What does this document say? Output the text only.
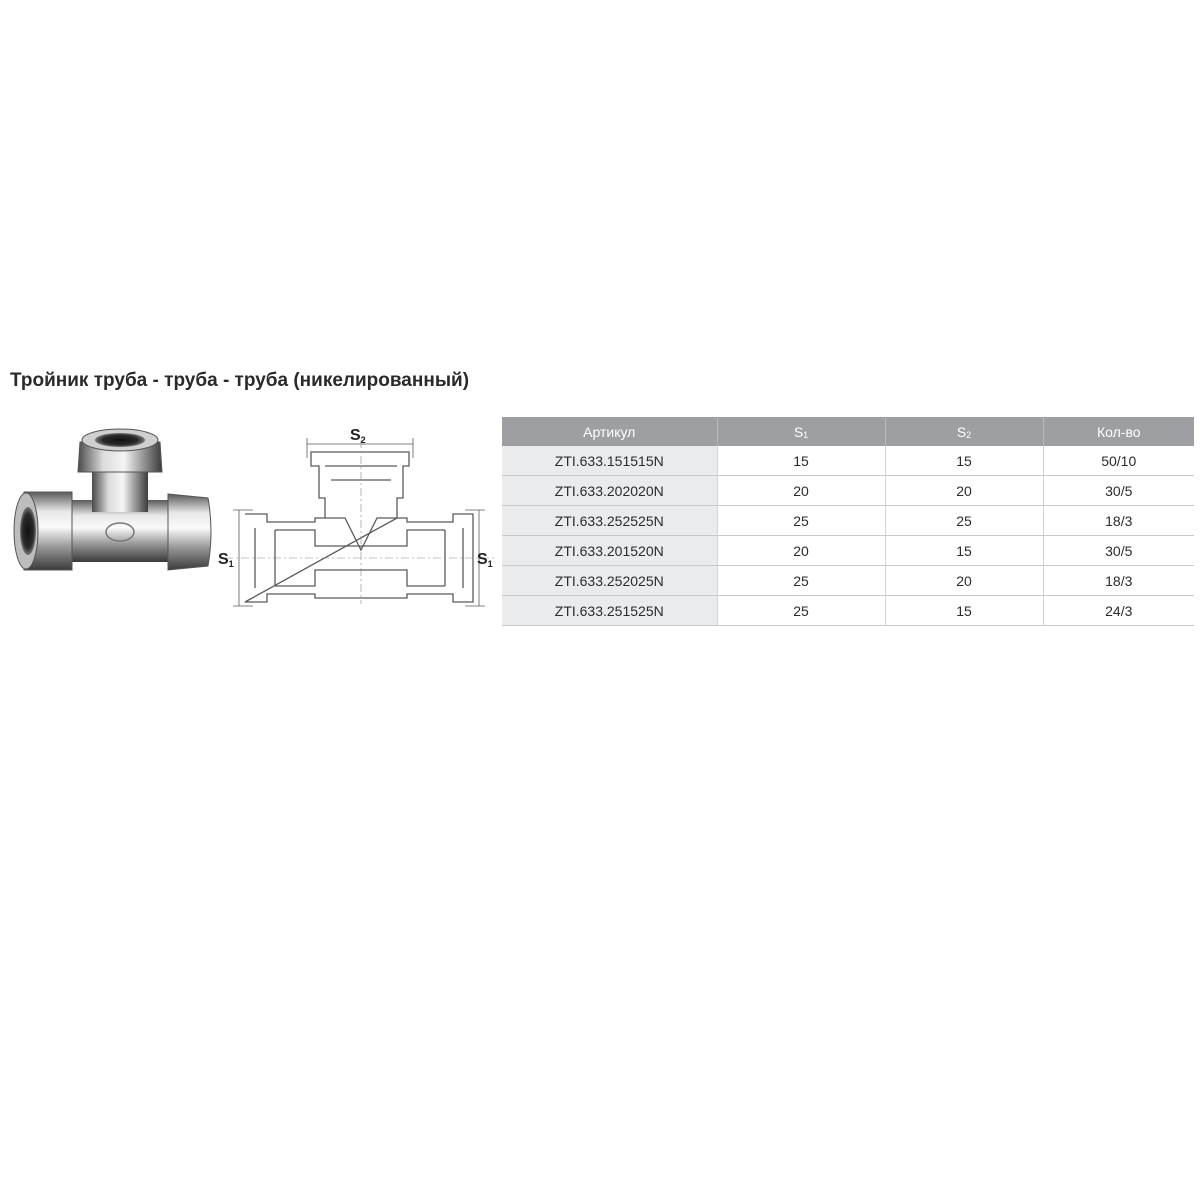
Тройник труба - труба - труба (никелированный)
S2
S1	S1
Артикул	S1	S2	Кол-во
ZTI.633.151515N	15	15	50/10
ZTI.633.202020N	20	20	30/5
ZTI.633.252525N	25	25	18/3
ZTI.633.201520N	20	15	30/5
ZTI.633.252025N	25	20	18/3
ZTI.633.251525N	25	15	24/3
